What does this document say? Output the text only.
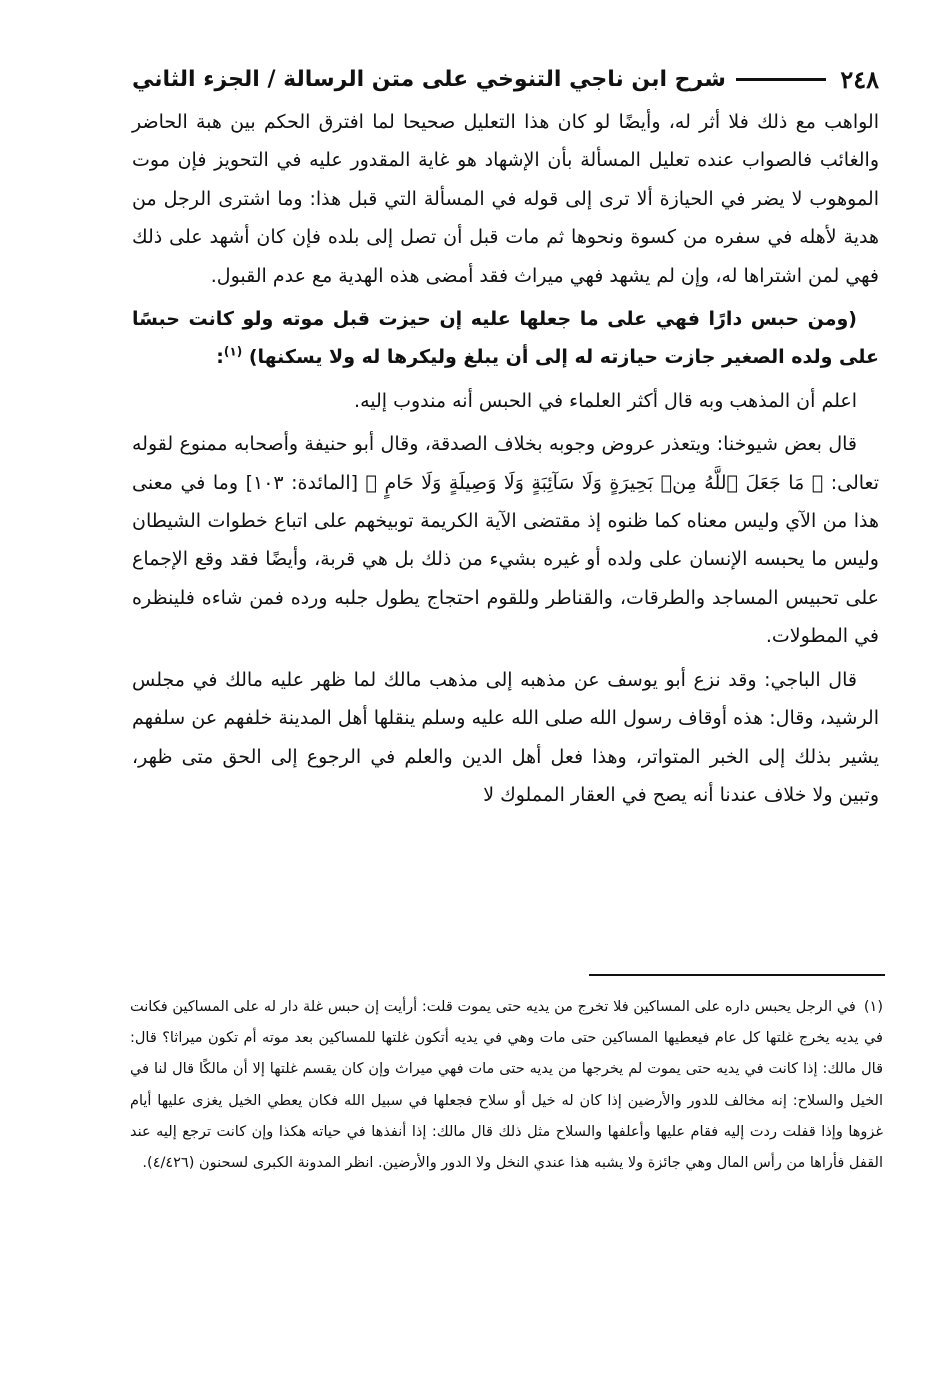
٢٤٨
شرح ابن ناجي التنوخي على متن الرسالة / الجزء الثاني

الواهب مع ذلك فلا أثر له، وأيضًا لو كان هذا التعليل صحيحا لما افترق الحكم بين هبة الحاضر والغائب فالصواب عنده تعليل المسألة بأن الإشهاد هو غاية المقدور عليه في التحويز فإن موت الموهوب لا يضر في الحيازة ألا ترى إلى قوله في المسألة التي قبل هذا: وما اشترى الرجل من هدية لأهله في سفره من كسوة ونحوها ثم مات قبل أن تصل إلى بلده فإن كان أشهد على ذلك فهي لمن اشتراها له، وإن لم يشهد فهي ميراث فقد أمضى هذه الهدية مع عدم القبول.

(ومن حبس دارًا فهي على ما جعلها عليه إن حيزت قبل موته ولو كانت حبسًا على ولده الصغير جازت حيازته له إلى أن يبلغ وليكرها له ولا يسكنها) $^{(١)}$:

اعلم أن المذهب وبه قال أكثر العلماء في الحبس أنه مندوب إليه.

قال بعض شيوخنا: ويتعذر عروض وجوبه بخلاف الصدقة، وقال أبو حنيفة وأصحابه ممنوع لقوله تعالى: ﴿ مَا جَعَلَ ٱللَّهُ مِنۢ بَحِيرَةٍ وَلَا سَآئِبَةٍ وَلَا وَصِيلَةٍ وَلَا حَامٍ ﴾ [المائدة: ١٠٣] وما في معنى هذا من الآي وليس معناه كما ظنوه إذ مقتضى الآية الكريمة توبيخهم على اتباع خطوات الشيطان وليس ما يحبسه الإنسان على ولده أو غيره بشيء من ذلك بل هي قربة، وأيضًا فقد وقع الإجماع على تحبيس المساجد والطرقات، والقناطر وللقوم احتجاج يطول جلبه ورده فمن شاءه فلينظره في المطولات.

قال الباجي: وقد نزع أبو يوسف عن مذهبه إلى مذهب مالك لما ظهر عليه مالك في مجلس الرشيد، وقال: هذه أوقاف رسول الله صلى الله عليه وسلم ينقلها أهل المدينة خلفهم عن سلفهم يشير بذلك إلى الخبر المتواتر، وهذا فعل أهل الدين والعلم في الرجوع إلى الحق متى ظهر، وتبين ولا خلاف عندنا أنه يصح في العقار المملوك لا

(١)في الرجل يحبس داره على المساكين فلا تخرج من يديه حتى يموت قلت: أرأيت إن حبس غلة دار له على المساكين فكانت في يديه يخرج غلتها كل عام فيعطيها المساكين حتى مات وهي في يديه أتكون غلتها للمساكين بعد موته أم تكون ميراثا؟ قال: قال مالك: إذا كانت في يديه حتى يموت لم يخرجها من يديه حتى مات فهي ميراث وإن كان يقسم غلتها إلا أن مالكًا قال لنا في الخيل والسلاح: إنه مخالف للدور والأرضين إذا كان له خيل أو سلاح فجعلها في سبيل الله فكان يعطي الخيل يغزى عليها أيام غزوها وإذا قفلت ردت إليه فقام عليها وأعلفها والسلاح مثل ذلك قال مالك: إذا أنفذها في حياته هكذا وإن كانت ترجع إليه عند القفل فأراها من رأس المال وهي جائزة ولا يشبه هذا عندي النخل ولا الدور والأرضين. انظر المدونة الكبرى لسحنون (٤/٤٢٦).
